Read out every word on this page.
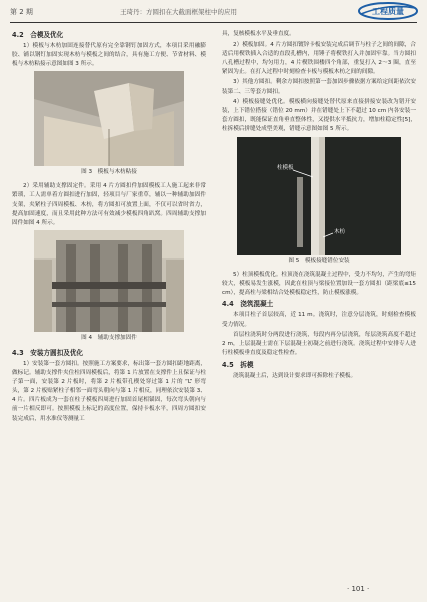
第 2 期	王琦丹：方圆扣在大截面框架柱中的应用	工程质量
4.2　合模及优化

1）模板与木枋加固连接替代原有完全靠钢钉加固方式，本项目采用融膨胶、铺以钢钉加固实现木枋与模板之间的结合，具有施工方便、节省材料、模板与木枋粘接示意图如图 3 所示。

图 3　模板与木枋粘接

2）采用辅助支撑固定件。采用 4 片方圆扣件加固模板工人施工起来非常繁琐，工人需单着方圆扣进行加固，轻项目与厂家重草，辅以一种辅助加固件支架，夹紧柱子四周模板、木枋，将方圆扣可放置上面，不仅可以省时省力，提高加固速度，而且采用此种方法可有效减少模板四角趴窝。四周辅助支撑加固件如图 4 所示。

图 4　辅助支撑加固件
4.3　安装方圆扣及优化

1）安装第一套方圆扣。按照施工方案要求，标出第一套方圆扣距地距离，做标记。辅助支撑件夹住柱四周模板后，将第 1 片放置在支撑件上且保证与柱子第一面，安装第 2 片板时，将第 2 片板带孔楔处穿过第 1 片的 “L” 形弯头，第 2 片板贴紧柱子相邻一面弯头朝向与第 1 片相反，同理依次安装第 3、4 片。四片板成为一套在柱子模板四周进行加固首尾相锚固，每次弯头朝向与前一片相反即可。按照模板上标记的高度位置，保持卡板水平，四周方圆扣安装完成后，用水准仪等测量工

具，复核模板水平及垂直度。

2）模板加固。4 片方圆扣镀锌卡板安装完成后调节与柱子之间的间隙，合适后用楔铁插入合适的直段孔槽内，用锤子将楔铁打入并加固牢靠。当方圆扣八孔槽过程中，均匀用力，4 片楔铁围楼四个角部，重复打入 2～3 圈，直至紧固为止。在打入过程中时刻检查卡板与模板木枋之间的间隙。

3）其他方圆扣。剩余方圆扣按照第一套加固步骤依据方案给定间距依次安装第二、三等套方圆扣。

4）模板接缝处优化。模板横向接缝处替代原来直接拼接安装改为错开安装，上下错位搭接（错位 20 mm）并在错缝处上下不超过 10 cm 内各安装一套方圆扣，既能保证直角垂直整体性，又提供水平抵抗力，增加柱稳定性[5]，柱拆模后拼缝处成型美观，错缝示意图如图 5 所示。

柱模板
木枋
图 5　模板接缝错位安装

5）柱顶模板优化。柱顶浇在浇筑混凝土过程中，受力不均匀，产生的弯矩较大，模板易发生涨模，因此在柱顶与梁接位置加设一套方圆扣（距梁底≤15 cm），提高柱与梁相结合处模板稳定性，防止模板涨模。

4.4　浇筑混凝土

本项目柱子首层较高，近 11 m。浇筑时，注意分层浇筑，时刻检查模板受力情况。

首层柱浇筑时分两段进行浇筑，每段内再分层浇筑，每层浇筑高度不超过 2 m，上层混凝土需在下层混凝土初凝之前进行浇筑。浇筑过程中安排专人进行柱模板垂直度及稳定性检查。

4.5　拆模

浇筑混凝土后，达到设计要求即可拆除柱子模板。

· 101 ·
